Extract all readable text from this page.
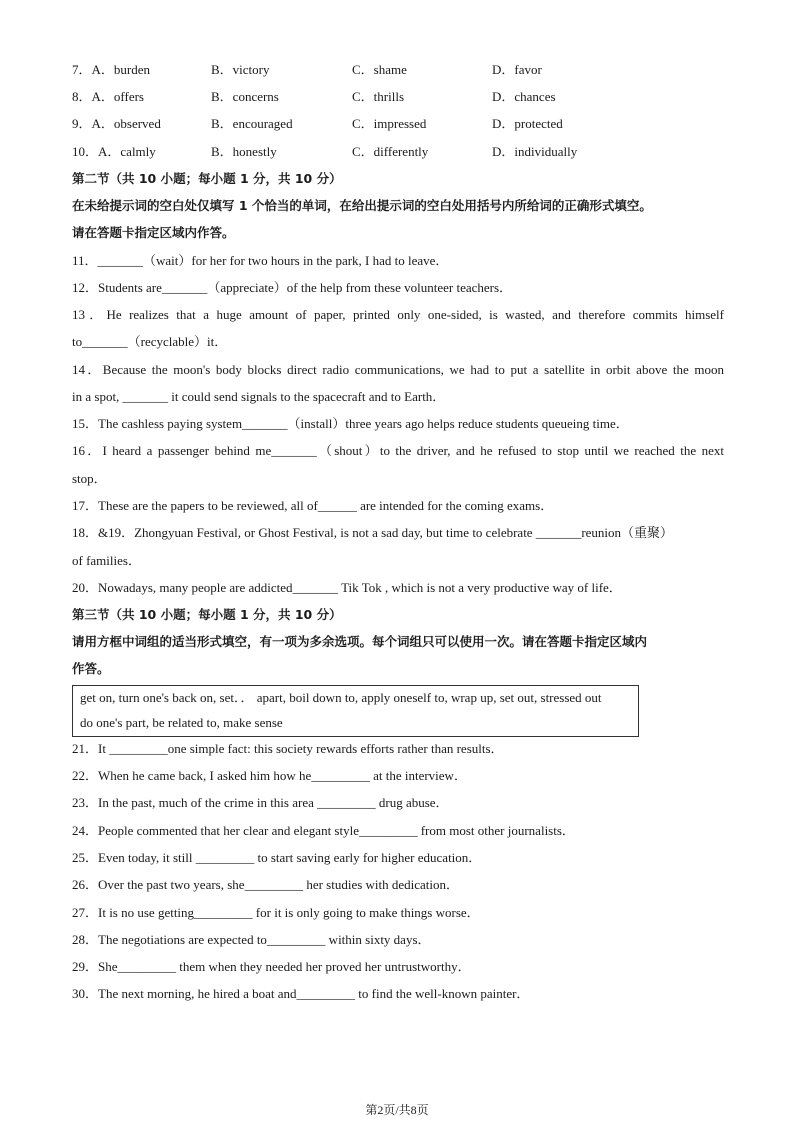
7．A．burden	B．victory	C．shame	D．favor
8．A．offers	B．concerns	C．thrills	D．chances
9．A．observed	B．encouraged	C．impressed	D．protected
10．A．calmly	B．honestly	C．differently	D．individually
第二节（共 10 小题；每小题 1 分，共 10 分）
在未给提示词的空白处仅填写 1 个恰当的单词，在给出提示词的空白处用括号内所给词的正确形式填空。
请在答题卡指定区域内作答。
11．_______（wait）for her for two hours in the park, I had to leave．
12．Students are_______（appreciate）of the help from these volunteer teachers．
13．He realizes that a huge amount of paper, printed only one-sided, is wasted, and therefore commits himself
to_______（recyclable）it．
14．Because the moon's body blocks direct radio communications, we had to put a satellite in orbit above the moon
in a spot, _______ it could send signals to the spacecraft and to Earth．
15．The cashless paying system_______（install）three years ago helps reduce students queueing time．
16．I heard a passenger behind me_______（shout）to the driver, and he refused to stop until we reached the next
stop．
17．These are the papers to be reviewed, all of______ are intended for the coming exams．
18．&19．Zhongyuan Festival, or Ghost Festival, is not a sad day, but time to celebrate _______reunion（重聚）
of families．
20．Nowadays, many people are addicted_______ Tik Tok , which is not a very productive way of life．
第三节（共 10 小题；每小题 1 分，共 10 分）
请用方框中词组的适当形式填空，有一项为多余选项。每个词组只可以使用一次。请在答题卡指定区域内
作答。
get on, turn one's back on, set．． apart, boil down to, apply oneself to, wrap up, set out, stressed out
do one's part, be related to, make sense
21．It _________one simple fact: this society rewards efforts rather than results．
22．When he came back, I asked him how he_________ at the interview．
23．In the past, much of the crime in this area _________ drug abuse．
24．People commented that her clear and elegant style_________ from most other journalists．
25．Even today, it still _________ to start saving early for higher education．
26．Over the past two years, she_________ her studies with dedication．
27．It is no use getting_________ for it is only going to make things worse．
28．The negotiations are expected to_________ within sixty days．
29．She_________ them when they needed her proved her untrustworthy．
30．The next morning, he hired a boat and_________ to find the well-known painter．
第2页/共8页
